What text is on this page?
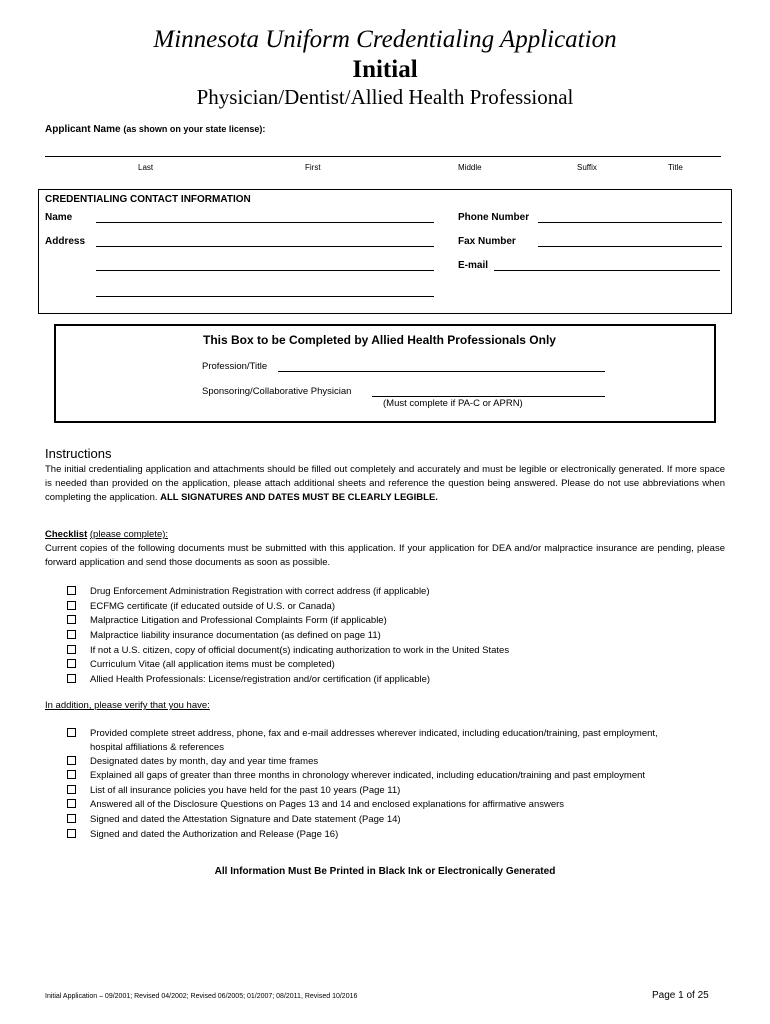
Minnesota Uniform Credentialing Application
Initial
Physician/Dentist/Allied Health Professional
Applicant Name (as shown on your state license):
Last	First	Middle	Suffix	Title
CREDENTIALING CONTACT INFORMATION
Name
Address
Phone Number
Fax Number
E-mail
This Box to be Completed by Allied Health Professionals Only
Profession/Title
Sponsoring/Collaborative Physician
(Must complete if PA-C or APRN)
Instructions
The initial credentialing application and attachments should be filled out completely and accurately and must be legible or electronically generated. If more space is needed than provided on the application, please attach additional sheets and reference the question being answered. Please do not use abbreviations when completing the application. ALL SIGNATURES AND DATES MUST BE CLEARLY LEGIBLE.
Checklist (please complete):
Current copies of the following documents must be submitted with this application. If your application for DEA and/or malpractice insurance are pending, please forward application and send those documents as soon as possible.
Drug Enforcement Administration Registration with correct address (if applicable)
ECFMG certificate (if educated outside of U.S. or Canada)
Malpractice Litigation and Professional Complaints Form (if applicable)
Malpractice liability insurance documentation (as defined on page 11)
If not a U.S. citizen, copy of official document(s) indicating authorization to work in the United States
Curriculum Vitae (all application items must be completed)
Allied Health Professionals: License/registration and/or certification (if applicable)
In addition, please verify that you have:
Provided complete street address, phone, fax and e-mail addresses wherever indicated, including education/training, past employment, hospital affiliations & references
Designated dates by month, day and year time frames
Explained all gaps of greater than three months in chronology wherever indicated, including education/training and past employment
List of all insurance policies you have held for the past 10 years (Page 11)
Answered all of the Disclosure Questions on Pages 13 and 14 and enclosed explanations for affirmative answers
Signed and dated the Attestation Signature and Date statement (Page 14)
Signed and dated the Authorization and Release (Page 16)
All Information Must Be Printed in Black Ink or Electronically Generated
Initial Application – 09/2001; Revised 04/2002; Revised 06/2005; 01/2007; 08/2011, Revised 10/2016	Page 1 of 25
